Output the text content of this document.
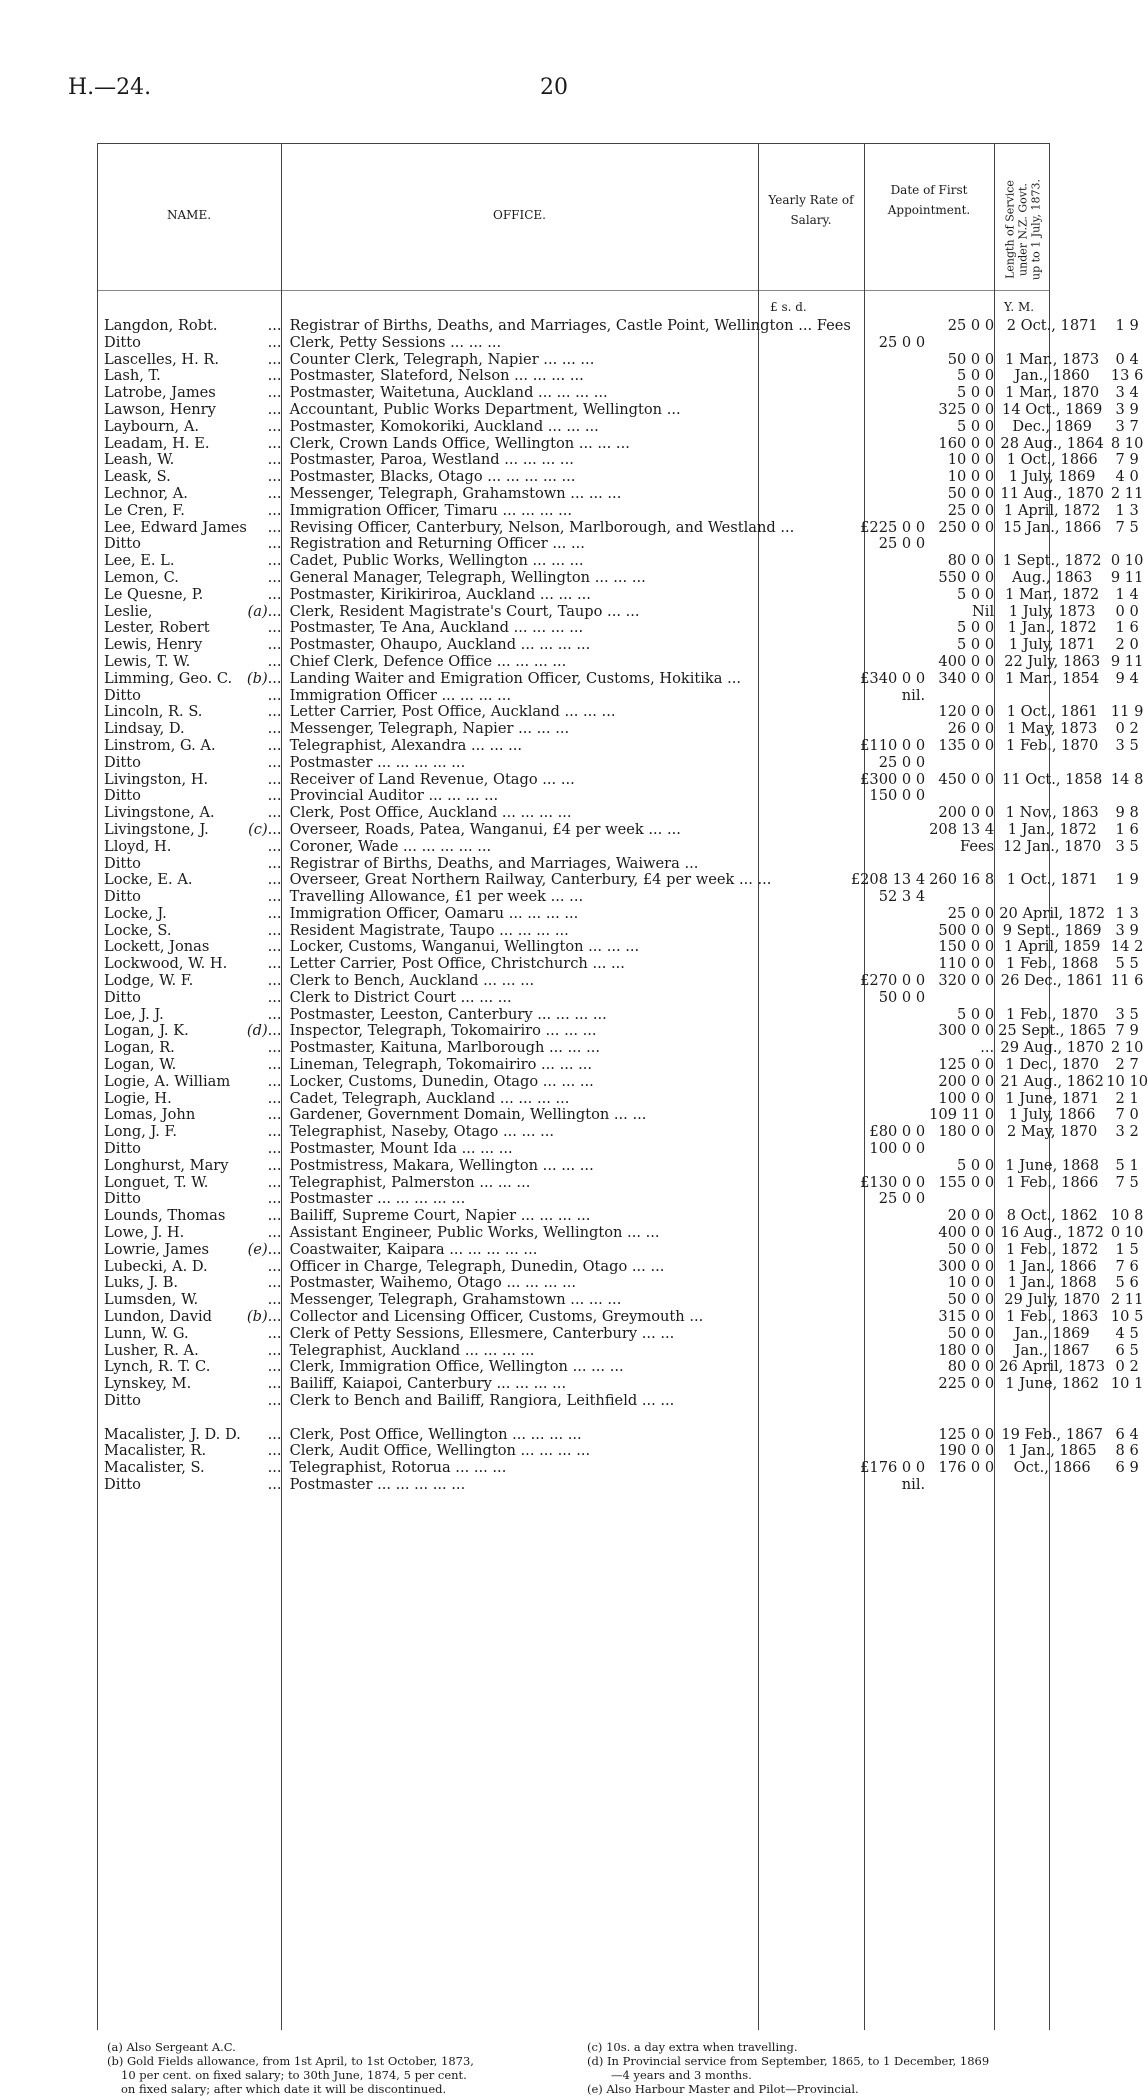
H.—24.	20
NAME.	OFFICE.
Yearly Rate of Salary.
Date of First Appointment.	Length of Service under N.Z. Govt. up to 1 July, 1873.
£ s. d.	Y. M.
Langdon, Robt.		...	Registrar of Births, Deaths, and Marriages, Castle Point, Wellington ... Fees		25 0 0	2 Oct., 1871	1 9
Ditto		...	Clerk, Petty Sessions ... ... ...	25 0 0			
Lascelles, H. R.		...	Counter Clerk, Telegraph, Napier ... ... ...		50 0 0	1 Mar., 1873	0 4
Lash, T.		...	Postmaster, Slateford, Nelson ... ... ... ...		5 0 0	Jan., 1860	13 6
Latrobe, James		...	Postmaster, Waitetuna, Auckland ... ... ... ...		5 0 0	1 Mar., 1870	3 4
Lawson, Henry		...	Accountant, Public Works Department, Wellington ...		325 0 0	14 Oct., 1869	3 9
Laybourn, A.		...	Postmaster, Komokoriki, Auckland ... ... ...		5 0 0	Dec., 1869	3 7
Leadam, H. E.		...	Clerk, Crown Lands Office, Wellington ... ... ...		160 0 0	28 Aug., 1864	8 10
Leash, W.		...	Postmaster, Paroa, Westland ... ... ... ...		10 0 0	1 Oct., 1866	7 9
Leask, S.		...	Postmaster, Blacks, Otago ... ... ... ... ...		10 0 0	1 July, 1869	4 0
Lechnor, A.		...	Messenger, Telegraph, Grahamstown ... ... ...		50 0 0	11 Aug., 1870	2 11
Le Cren, F.		...	Immigration Officer, Timaru ... ... ... ...		25 0 0	1 April, 1872	1 3
Lee, Edward James		...	Revising Officer, Canterbury, Nelson, Marlborough, and Westland ...	£225 0 0	250 0 0	15 Jan., 1866	7 5
Ditto		...	Registration and Returning Officer ... ...	25 0 0			
Lee, E. L.		...	Cadet, Public Works, Wellington ... ... ...		80 0 0	1 Sept., 1872	0 10
Lemon, C.		...	General Manager, Telegraph, Wellington ... ... ...		550 0 0	Aug., 1863	9 11
Le Quesne, P.		...	Postmaster, Kirikiriroa, Auckland ... ... ...		5 0 0	1 Mar., 1872	1 4
Leslie,	(a)	...	Clerk, Resident Magistrate's Court, Taupo ... ...		Nil	1 July, 1873	0 0
Lester, Robert		...	Postmaster, Te Ana, Auckland ... ... ... ...		5 0 0	1 Jan., 1872	1 6
Lewis, Henry		...	Postmaster, Ohaupo, Auckland ... ... ... ...		5 0 0	1 July, 1871	2 0
Lewis, T. W.		...	Chief Clerk, Defence Office ... ... ... ...		400 0 0	22 July, 1863	9 11
Limming, Geo. C.	(b)	...	Landing Waiter and Emigration Officer, Customs, Hokitika ...	£340 0 0	340 0 0	1 Mar., 1854	9 4
Ditto		...	Immigration Officer ... ... ... ...	nil.			
Lincoln, R. S.		...	Letter Carrier, Post Office, Auckland ... ... ...		120 0 0	1 Oct., 1861	11 9
Lindsay, D.		...	Messenger, Telegraph, Napier ... ... ...		26 0 0	1 May, 1873	0 2
Linstrom, G. A.		...	Telegraphist, Alexandra ... ... ...	£110 0 0	135 0 0	1 Feb., 1870	3 5
Ditto		...	Postmaster ... ... ... ... ...	25 0 0			
Livingston, H.		...	Receiver of Land Revenue, Otago ... ...	£300 0 0	450 0 0	11 Oct., 1858	14 8
Ditto		...	Provincial Auditor ... ... ... ...	150 0 0			
Livingstone, A.		...	Clerk, Post Office, Auckland ... ... ... ...		200 0 0	1 Nov., 1863	9 8
Livingstone, J.	(c)	...	Overseer, Roads, Patea, Wanganui, £4 per week ... ...		208 13 4	1 Jan., 1872	1 6
Lloyd, H.		...	Coroner, Wade ... ... ... ... ...		Fees	12 Jan., 1870	3 5
Ditto		...	Registrar of Births, Deaths, and Marriages, Waiwera ...				
Locke, E. A.		...	Overseer, Great Northern Railway, Canterbury, £4 per week ... ...	£208 13 4	260 16 8	1 Oct., 1871	1 9
Ditto		...	Travelling Allowance, £1 per week ... ...	52 3 4			
Locke, J.		...	Immigration Officer, Oamaru ... ... ... ...		25 0 0	20 April, 1872	1 3
Locke, S.		...	Resident Magistrate, Taupo ... ... ... ...		500 0 0	9 Sept., 1869	3 9
Lockett, Jonas		...	Locker, Customs, Wanganui, Wellington ... ... ...		150 0 0	1 April, 1859	14 2
Lockwood, W. H.		...	Letter Carrier, Post Office, Christchurch ... ...		110 0 0	1 Feb., 1868	5 5
Lodge, W. F.		...	Clerk to Bench, Auckland ... ... ...	£270 0 0	320 0 0	26 Dec., 1861	11 6
Ditto		...	Clerk to District Court ... ... ...	50 0 0			
Loe, J. J.		...	Postmaster, Leeston, Canterbury ... ... ... ...		5 0 0	1 Feb., 1870	3 5
Logan, J. K.	(d)	...	Inspector, Telegraph, Tokomairiro ... ... ...		300 0 0	25 Sept., 1865	7 9
Logan, R.		...	Postmaster, Kaituna, Marlborough ... ... ...		...	29 Aug., 1870	2 10
Logan, W.		...	Lineman, Telegraph, Tokomairiro ... ... ...		125 0 0	1 Dec., 1870	2 7
Logie, A. William		...	Locker, Customs, Dunedin, Otago ... ... ...		200 0 0	21 Aug., 1862	10 10
Logie, H.		...	Cadet, Telegraph, Auckland ... ... ... ...		100 0 0	1 June, 1871	2 1
Lomas, John		...	Gardener, Government Domain, Wellington ... ...		109 11 0	1 July, 1866	7 0
Long, J. F.		...	Telegraphist, Naseby, Otago ... ... ...	£80 0 0	180 0 0	2 May, 1870	3 2
Ditto		...	Postmaster, Mount Ida ... ... ...	100 0 0			
Longhurst, Mary		...	Postmistress, Makara, Wellington ... ... ...		5 0 0	1 June, 1868	5 1
Longuet, T. W.		...	Telegraphist, Palmerston ... ... ...	£130 0 0	155 0 0	1 Feb., 1866	7 5
Ditto		...	Postmaster ... ... ... ... ...	25 0 0			
Lounds, Thomas		...	Bailiff, Supreme Court, Napier ... ... ... ...		20 0 0	8 Oct., 1862	10 8
Lowe, J. H.		...	Assistant Engineer, Public Works, Wellington ... ...		400 0 0	16 Aug., 1872	0 10
Lowrie, James	(e)	...	Coastwaiter, Kaipara ... ... ... ... ...		50 0 0	1 Feb., 1872	1 5
Lubecki, A. D.		...	Officer in Charge, Telegraph, Dunedin, Otago ... ...		300 0 0	1 Jan., 1866	7 6
Luks, J. B.		...	Postmaster, Waihemo, Otago ... ... ... ...		10 0 0	1 Jan., 1868	5 6
Lumsden, W.		...	Messenger, Telegraph, Grahamstown ... ... ...		50 0 0	29 July, 1870	2 11
Lundon, David	(b)	...	Collector and Licensing Officer, Customs, Greymouth ...		315 0 0	1 Feb., 1863	10 5
Lunn, W. G.		...	Clerk of Petty Sessions, Ellesmere, Canterbury ... ...		50 0 0	Jan., 1869	4 5
Lusher, R. A.		...	Telegraphist, Auckland ... ... ... ...		180 0 0	Jan., 1867	6 5
Lynch, R. T. C.		...	Clerk, Immigration Office, Wellington ... ... ...		80 0 0	26 April, 1873	0 2
Lynskey, M.		...	Bailiff, Kaiapoi, Canterbury ... ... ... ...		225 0 0	1 June, 1862	10 1
Ditto		...	Clerk to Bench and Bailiff, Rangiora, Leithfield ... ...				

Macalister, J. D. D.		...	Clerk, Post Office, Wellington ... ... ... ...		125 0 0	19 Feb., 1867	6 4
Macalister, R.		...	Clerk, Audit Office, Wellington ... ... ... ...		190 0 0	1 Jan., 1865	8 6
Macalister, S.		...	Telegraphist, Rotorua ... ... ...	£176 0 0	176 0 0	Oct., 1866	6 9
Ditto		...	Postmaster ... ... ... ... ...	nil.			
(a) Also Sergeant A.C.
(b) Gold Fields allowance, from 1st April, to 1st October, 1873,
10 per cent. on fixed salary; to 30th June, 1874, 5 per cent.
on fixed salary; after which date it will be discontinued.
(c) 10s. a day extra when travelling.
(d) In Provincial service from September, 1865, to 1 December, 1869
—4 years and 3 months.
(e) Also Harbour Master and Pilot—Provincial.
